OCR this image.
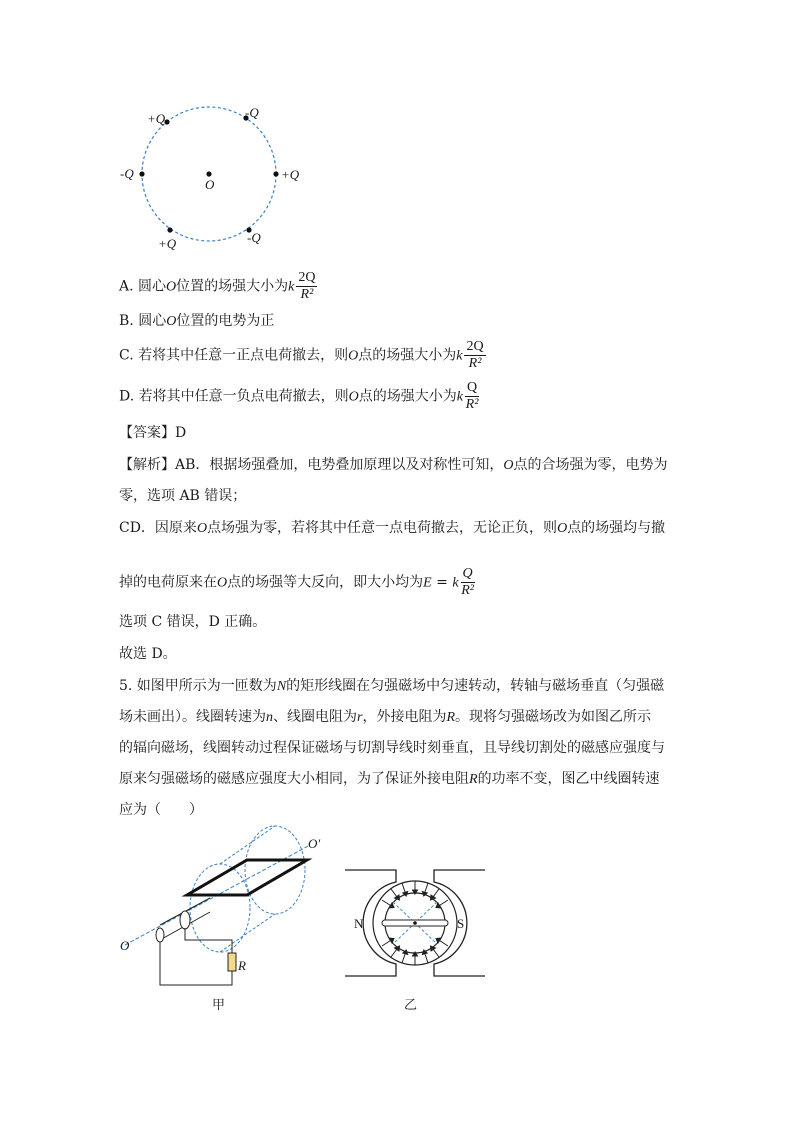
+Q	-Q
-Q	+Q
+Q	-Q
O
A. 圆心O位置的场强大小为k $\frac{2Q}{\text{R²}}$
B. 圆心O位置的电势为正
C. 若将其中任意一正点电荷撤去，则O点的场强大小为k $\frac{2Q}{\text{R²}}$
D. 若将其中任意一负点电荷撤去，则O点的场强大小为k $\frac{Q}{\text{R²}}$
【答案】D
【解析】AB．根据场强叠加，电势叠加原理以及对称性可知，O点的合场强为零，电势为
零，选项 AB 错误；
CD．因原来O点场强为零，若将其中任意一点电荷撤去，无论正负，则O点的场强均与撤
掉的电荷原来在O点的场强等大反向，即大小均为E = k $\frac{Q}{\text{R²}}$
选项 C 错误，D 正确。
故选 D。
5. 如图甲所示为一匝数为N的矩形线圈在匀强磁场中匀速转动，转轴与磁场垂直（匀强磁
场未画出）。线圈转速为n、线圈电阻为r，外接电阻为R。现将匀强磁场改为如图乙所示
的辐向磁场，线圈转动过程保证磁场与切割导线时刻垂直，且导线切割处的磁感应强度与
原来匀强磁场的磁感应强度大小相同，为了保证外接电阻R的功率不变，图乙中线圈转速
应为（　　）
O
O′
R
甲
N	S
乙
